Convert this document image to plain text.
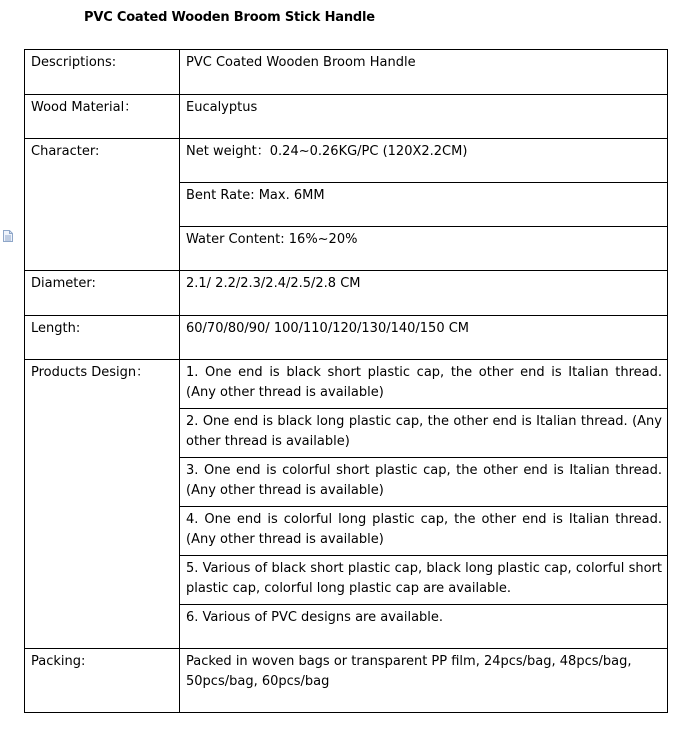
PVC Coated Wooden Broom Stick Handle
Descriptions:	PVC Coated Wooden Broom Handle
Wood Material：	Eucalyptus
Character:	Net weight：0.24~0.26KG/PC (120X2.2CM)
	Bent Rate: Max. 6MM
	Water Content: 16%~20%
Diameter:	2.1/ 2.2/2.3/2.4/2.5/2.8 CM
Length:	60/70/80/90/ 100/110/120/130/140/150 CM
Products Design：	1. One end is black short plastic cap, the other end is Italian thread. (Any other thread is available)
	2. One end is black long plastic cap, the other end is Italian thread. (Any other thread is available)
	3. One end is colorful short plastic cap, the other end is Italian thread. (Any other thread is available)
	4. One end is colorful long plastic cap, the other end is Italian thread. (Any other thread is available)
	5. Various of black short plastic cap, black long plastic cap, colorful short plastic cap, colorful long plastic cap are available.
	6. Various of PVC designs are available.
Packing:	Packed in woven bags or transparent PP film, 24pcs/bag, 48pcs/bag, 50pcs/bag, 60pcs/bag
